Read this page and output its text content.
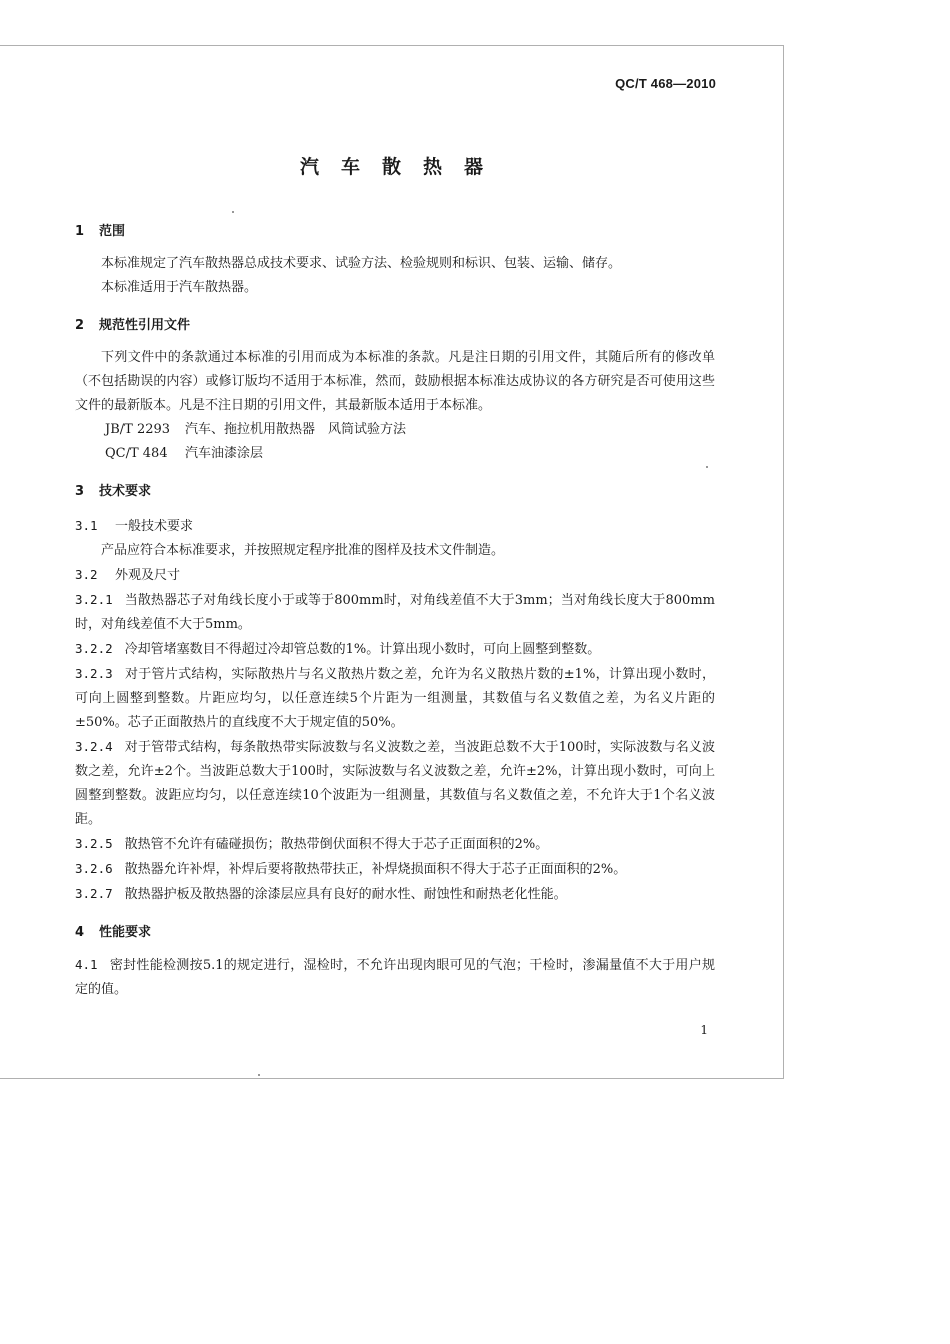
QC/T 468—2010
汽车散热器
1 范围
本标准规定了汽车散热器总成技术要求、试验方法、检验规则和标识、包装、运输、储存。
本标准适用于汽车散热器。
2 规范性引用文件
下列文件中的条款通过本标准的引用而成为本标准的条款。凡是注日期的引用文件，其随后所有的修改单（不包括勘误的内容）或修订版均不适用于本标准，然而，鼓励根据本标准达成协议的各方研究是否可使用这些文件的最新版本。凡是不注日期的引用文件，其最新版本适用于本标准。
JB/T 2293 汽车、拖拉机用散热器　风筒试验方法
QC/T 484 汽车油漆涂层
3 技术要求
3.1 一般技术要求
产品应符合本标准要求，并按照规定程序批准的图样及技术文件制造。
3.2 外观及尺寸
3.2.1 当散热器芯子对角线长度小于或等于800mm时，对角线差值不大于3mm；当对角线长度大于800mm时，对角线差值不大于5mm。
3.2.2 冷却管堵塞数目不得超过冷却管总数的1%。计算出现小数时，可向上圆整到整数。
3.2.3 对于管片式结构，实际散热片与名义散热片数之差，允许为名义散热片数的±1%，计算出现小数时，可向上圆整到整数。片距应均匀，以任意连续5个片距为一组测量，其数值与名义数值之差，为名义片距的±50%。芯子正面散热片的直线度不大于规定值的50%。
3.2.4 对于管带式结构，每条散热带实际波数与名义波数之差，当波距总数不大于100时，实际波数与名义波数之差，允许±2个。当波距总数大于100时，实际波数与名义波数之差，允许±2%，计算出现小数时，可向上圆整到整数。波距应均匀，以任意连续10个波距为一组测量，其数值与名义数值之差，不允许大于1个名义波距。
3.2.5 散热管不允许有磕碰损伤；散热带倒伏面积不得大于芯子正面面积的2%。
3.2.6 散热器允许补焊，补焊后要将散热带扶正，补焊烧损面积不得大于芯子正面面积的2%。
3.2.7 散热器护板及散热器的涂漆层应具有良好的耐水性、耐蚀性和耐热老化性能。
4 性能要求
4.1 密封性能检测按5.1的规定进行，湿检时，不允许出现肉眼可见的气泡；干检时，渗漏量值不大于用户规定的值。
1
